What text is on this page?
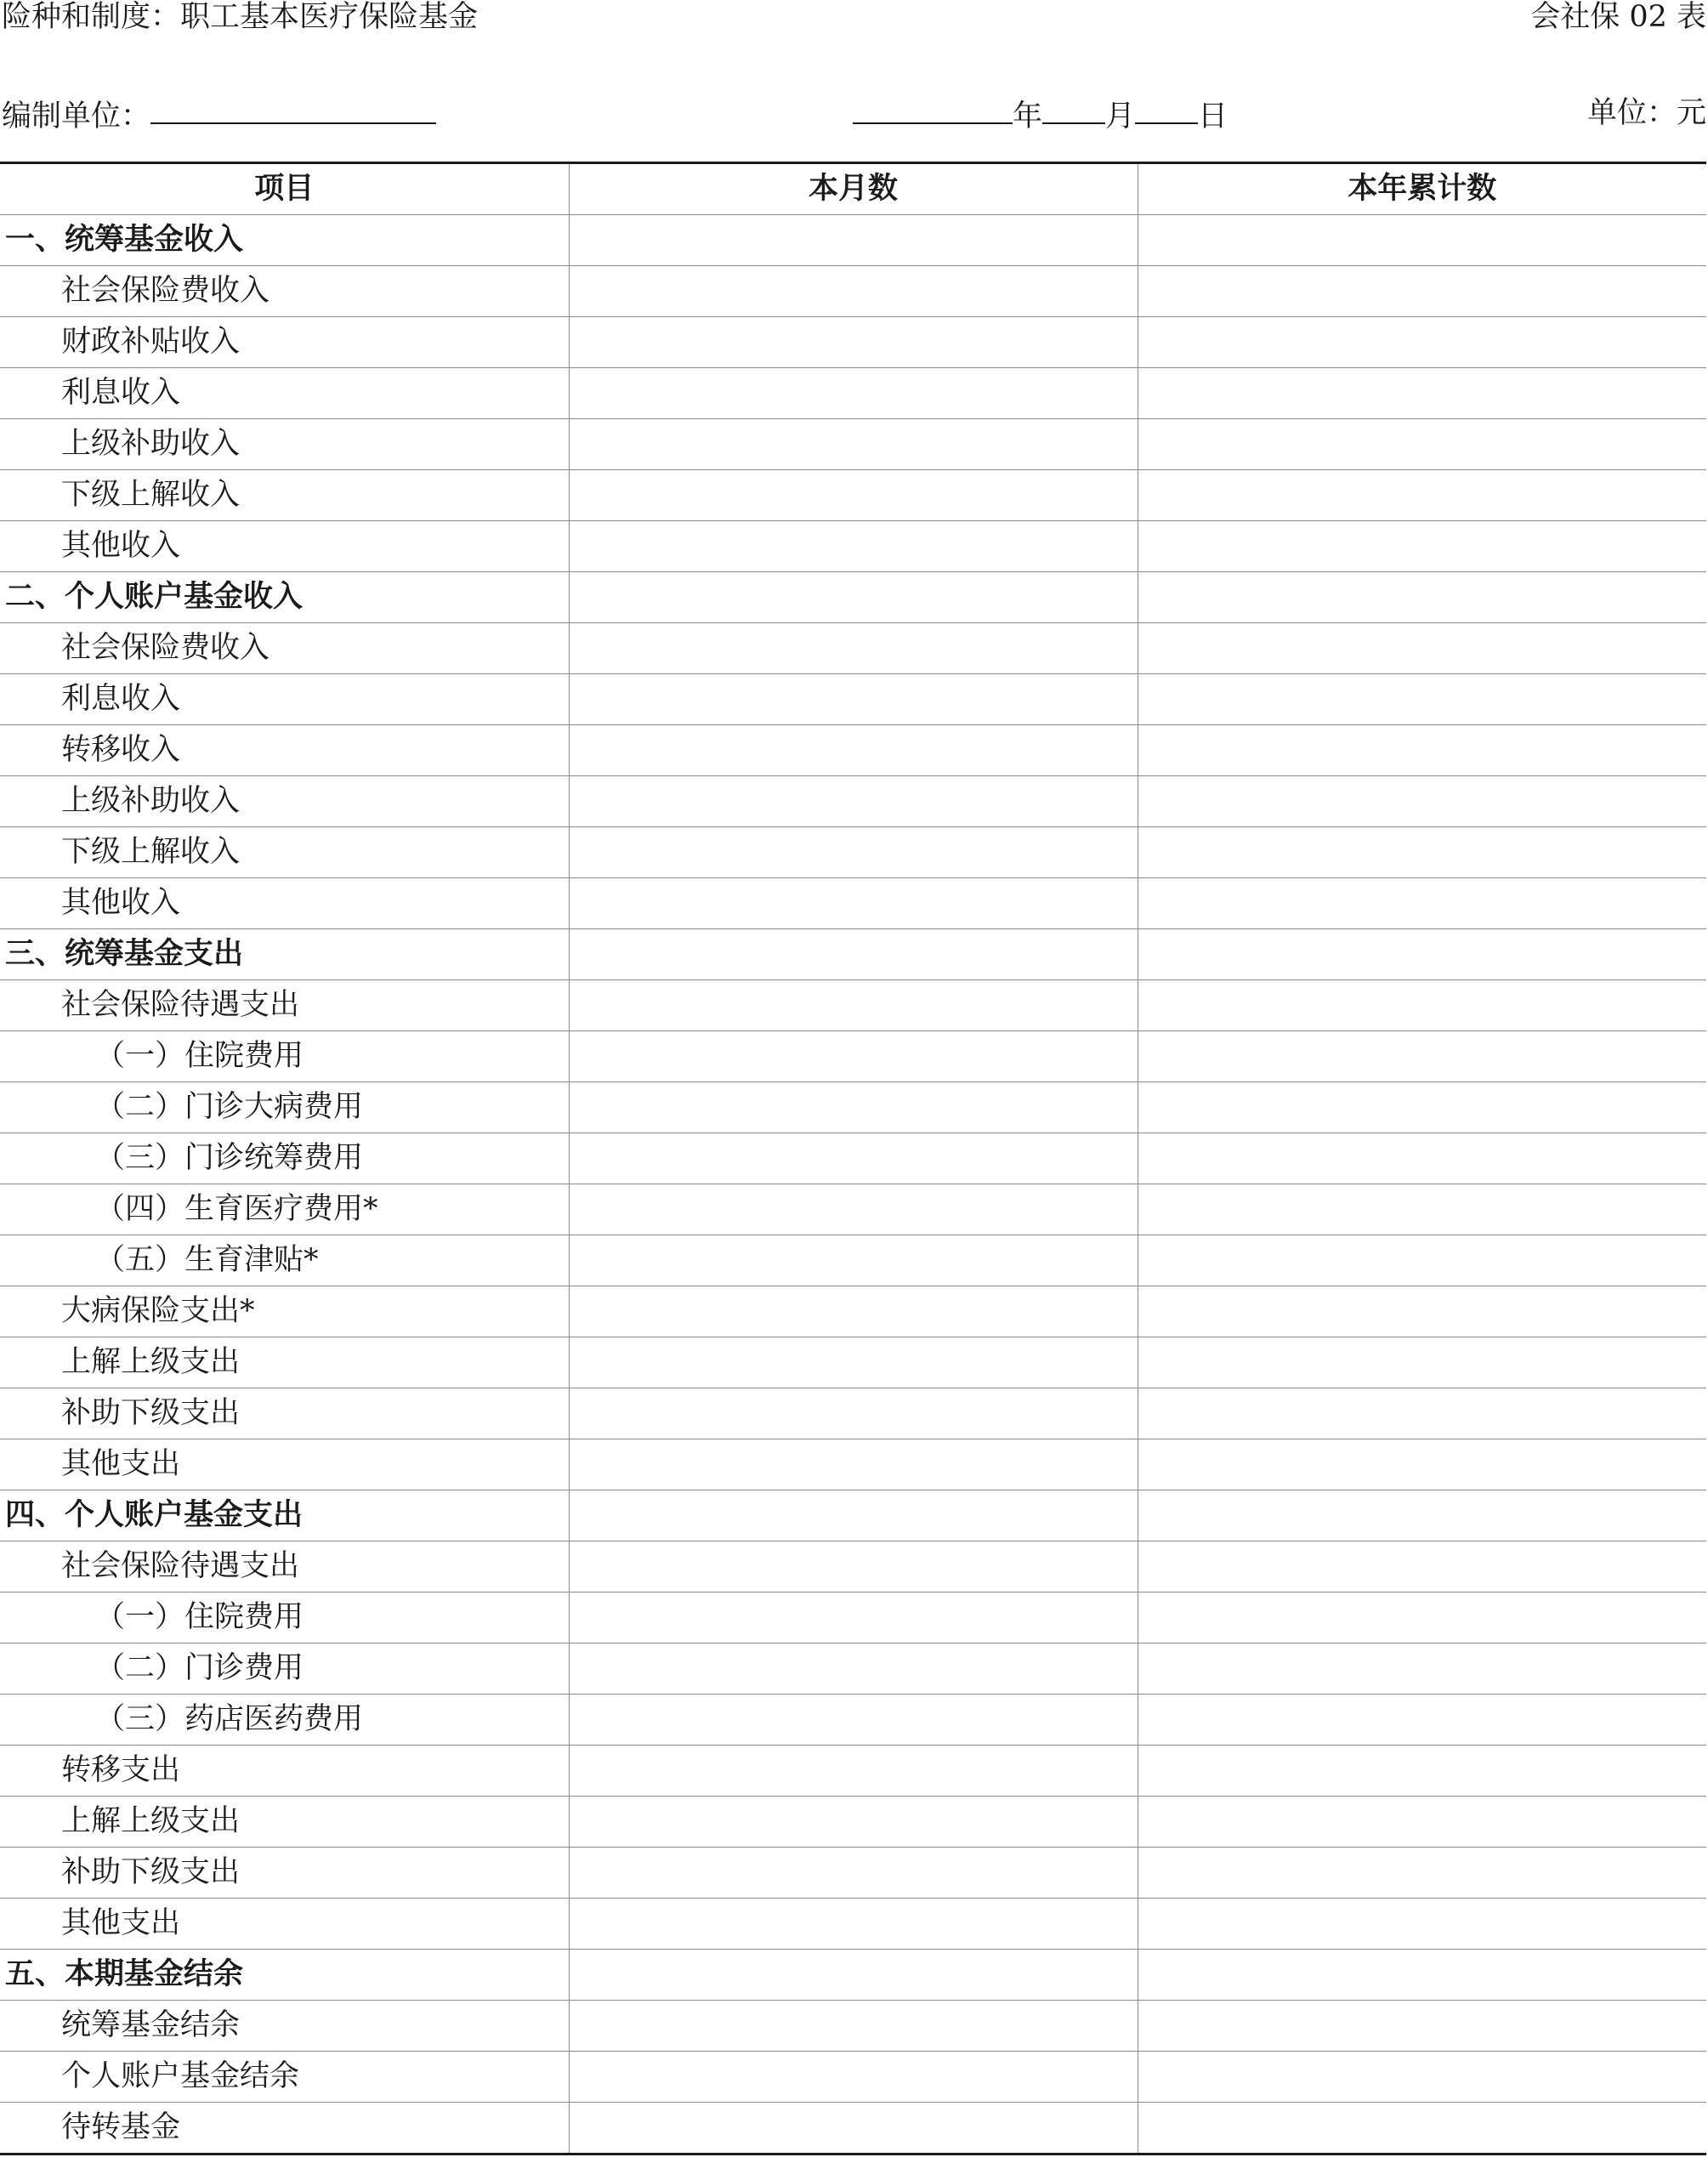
险种和制度：职工基本医疗保险基金	会社保 02 表
编制单位：	年 月 日	单位：元
项目	本月数	本年累计数
一、统筹基金收入		
社会保险费收入		
财政补贴收入		
利息收入		
上级补助收入		
下级上解收入		
其他收入		
二、个人账户基金收入		
社会保险费收入		
利息收入		
转移收入		
上级补助收入		
下级上解收入		
其他收入		
三、统筹基金支出		
社会保险待遇支出		
（一）住院费用		
（二）门诊大病费用		
（三）门诊统筹费用		
（四）生育医疗费用*		
（五）生育津贴*		
大病保险支出*		
上解上级支出		
补助下级支出		
其他支出		
四、个人账户基金支出		
社会保险待遇支出		
（一）住院费用		
（二）门诊费用		
（三）药店医药费用		
转移支出		
上解上级支出		
补助下级支出		
其他支出		
五、本期基金结余		
统筹基金结余		
个人账户基金结余		
待转基金		
